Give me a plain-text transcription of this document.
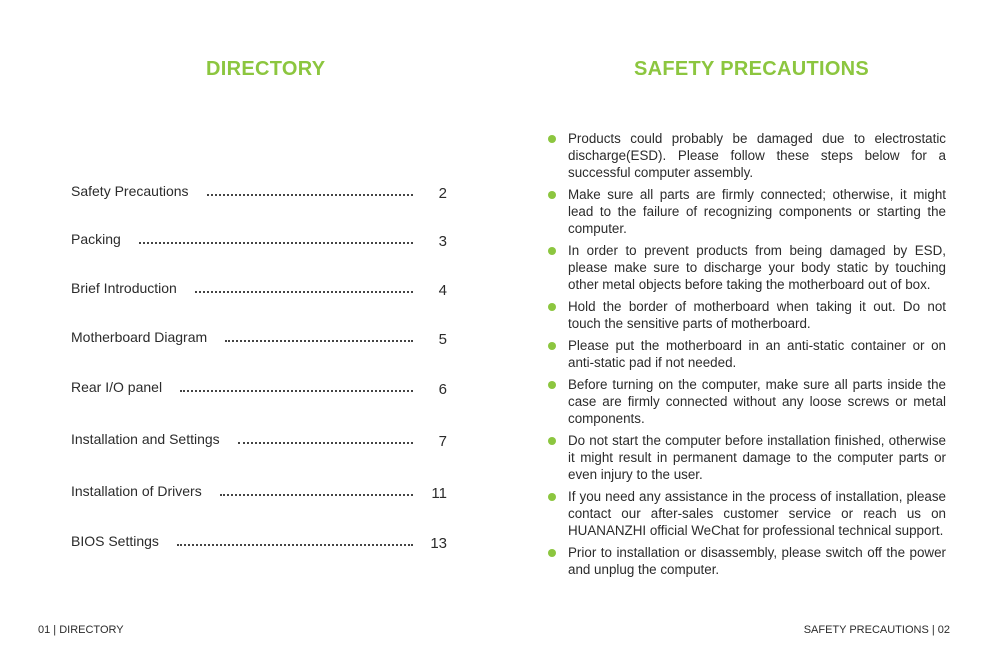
DIRECTORY
Safety Precautions	2
Packing	3
Brief Introduction	4
Motherboard Diagram	5
Rear I/O panel	6
Installation and Settings	7
Installation of Drivers	11
BIOS Settings	13
01 | DIRECTORY
SAFETY PRECAUTIONS
Products could probably be damaged due to electrostatic discharge(ESD). Please follow these steps below for a successful computer assembly.
Make sure all parts are firmly connected; otherwise, it might lead to the failure of recognizing components or starting the computer.
In order to prevent products from being damaged by ESD, please make sure to discharge your body static by touching other metal objects before taking the motherboard out of box.
Hold the border of motherboard when taking it out. Do not touch the sensitive parts of motherboard.
Please put the motherboard in an anti-static container or on anti-static pad if not needed.
Before turning on the computer, make sure all parts inside the case are firmly connected without any loose screws or metal components.
Do not start the computer before installation finished, otherwise it might result in permanent damage to the computer parts or even injury to the user.
If you need any assistance in the process of installation, please contact our after-sales customer service or reach us on HUANANZHI official WeChat for professional technical support.
Prior to installation or disassembly, please switch off the power and unplug the computer.
SAFETY PRECAUTIONS | 02
